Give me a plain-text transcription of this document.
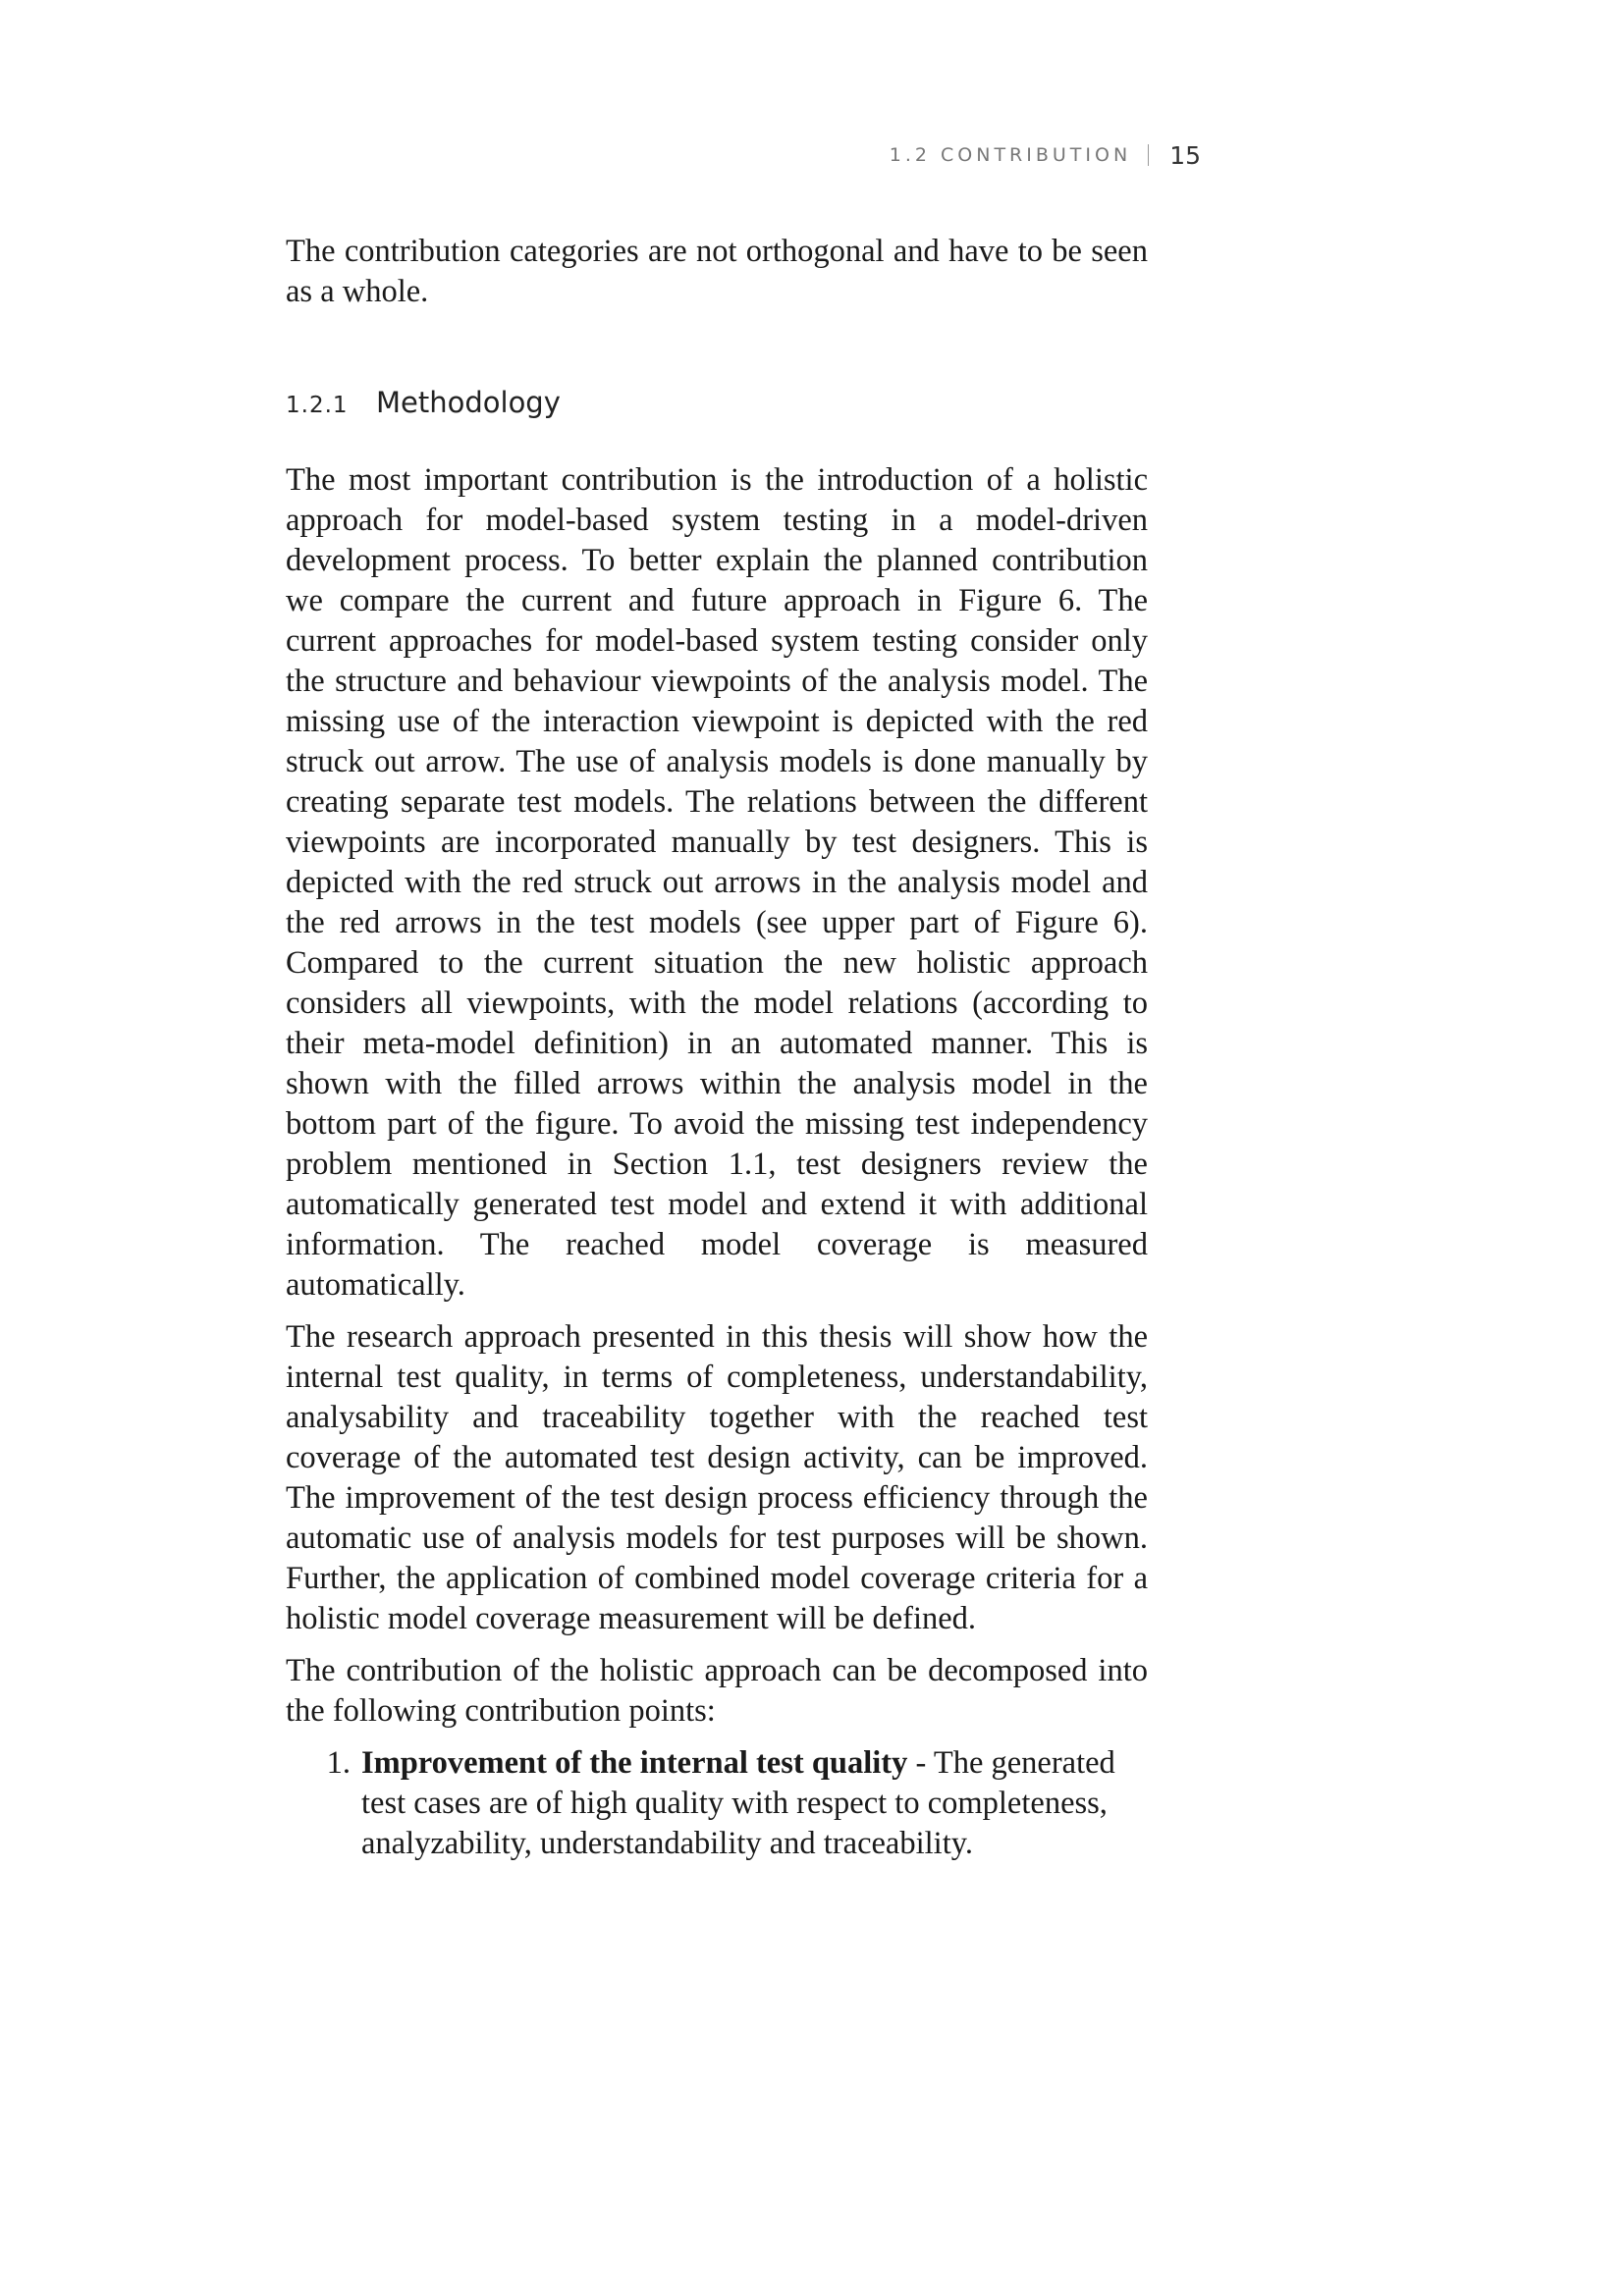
1.2 CONTRIBUTION 15

The contribution categories are not orthogonal and have to be seen as a whole.

1.2.1 Methodology

The most important contribution is the introduction of a holistic approach for model-based system testing in a model-driven development process. To better explain the planned contribution we compare the current and future approach in Figure 6. The current approaches for model-based system testing consider only the structure and behaviour viewpoints of the analysis model. The missing use of the interaction viewpoint is depicted with the red struck out arrow. The use of analysis models is done manually by creating separate test models. The relations between the different viewpoints are incorporated manually by test designers. This is depicted with the red struck out arrows in the analysis model and the red arrows in the test models (see upper part of Figure 6). Compared to the current situation the new holistic approach considers all viewpoints, with the model relations (according to their meta-model definition) in an automated manner. This is shown with the filled arrows within the analysis model in the bottom part of the figure. To avoid the missing test independency problem mentioned in Section 1.1, test designers review the automatically generated test model and extend it with additional information. The reached model coverage is measured automatically.

The research approach presented in this thesis will show how the internal test quality, in terms of completeness, understandability, analysability and traceability together with the reached test coverage of the automated test design activity, can be improved. The improvement of the test design process efficiency through the automatic use of analysis models for test purposes will be shown. Further, the application of combined model coverage criteria for a holistic model coverage measurement will be defined.

The contribution of the holistic approach can be decomposed into the following contribution points:

1. Improvement of the internal test quality - The generated test cases are of high quality with respect to completeness, analyzability, understandability and traceability.
